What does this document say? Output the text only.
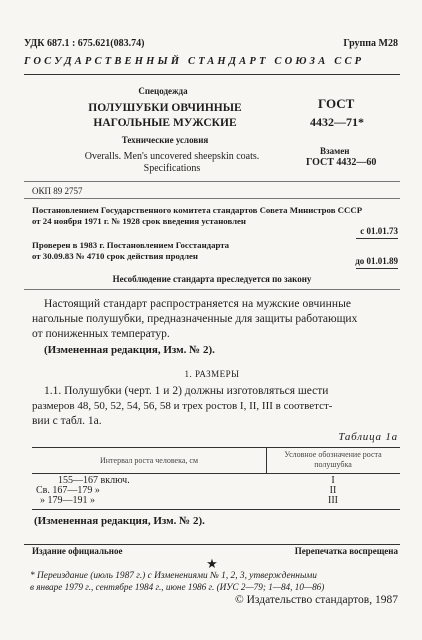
УДК 687.1 : 675.621(083.74)	Группа М28
ГОСУДАРСТВЕННЫЙ СТАНДАРТ СОЮЗА ССР
Спецодежда
ПОЛУШУБКИ ОВЧИННЫЕ
НАГОЛЬНЫЕ МУЖСКИЕ
Технические условия
Overalls. Men's uncovered sheepskin coats.
Specifications
ГОСТ
4432—71*
Взамен
ГОСТ 4432—60
ОКП 89 2757
Постановлением Государственного комитета стандартов Совета Министров СССР
от 24 ноября 1971 г. № 1928 срок введения установлен
с 01.01.73
Проверен в 1983 г. Постановлением Госстандарта
от 30.09.83 № 4710 срок действия продлен	до 01.01.89
Несоблюдение стандарта преследуется по закону
Настоящий стандарт распространяется на мужские овчинные
нагольные полушубки, предназначенные для защиты работающих
от пониженных температур.
(Измененная редакция, Изм. № 2).
1. РАЗМЕРЫ
1.1. Полушубки (черт. 1 и 2) должны изготовляться шести
размеров 48, 50, 52, 54, 56, 58 и трех ростов I, II, III в соответст-
вии с табл. 1а.
Таблица 1а
Интервал роста человека, см
Условное обозначение роста
полушубка
155—167 включ.	I
Св. 167—179 »	II
» 179—191 »	III
(Измененная редакция, Изм. № 2).
Издание официальное	Перепечатка воспрещена
★
* Переиздание (июль 1987 г.) с Изменениями № 1, 2, 3, утвержденными
в январе 1979 г., сентябре 1984 г., июне 1986 г. (ИУС 2—79; 1—84, 10—86)
© Издательство стандартов, 1987
